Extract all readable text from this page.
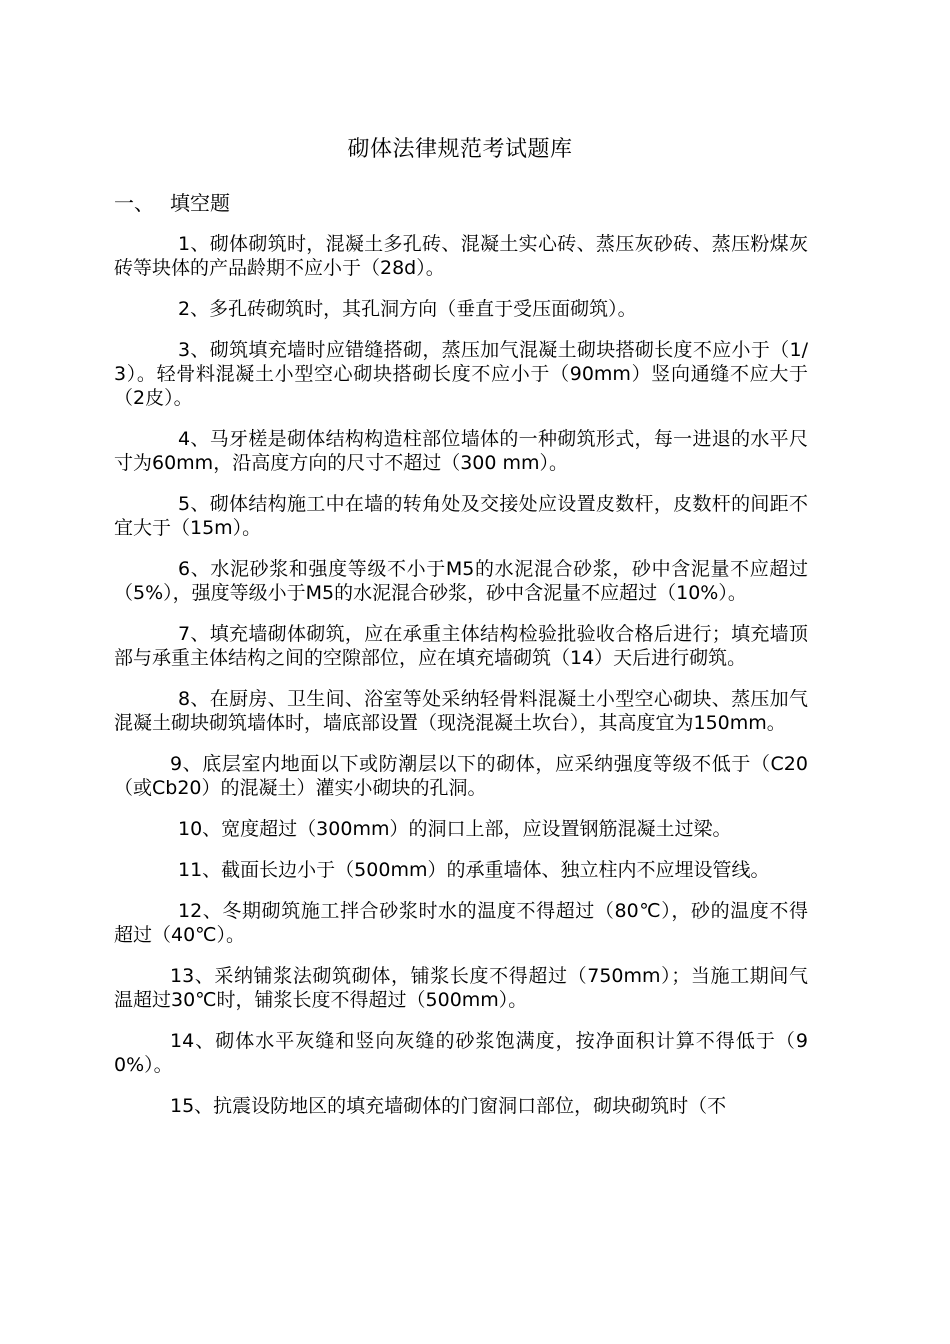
砌体法律规范考试题库
一、 填空题

1、砌体砌筑时，混凝土多孔砖、混凝土实心砖、蒸压灰砂砖、蒸压粉煤灰砖等块体的产品龄期不应小于（28d）。

2、多孔砖砌筑时，其孔洞方向（垂直于受压面砌筑）。

3、砌筑填充墙时应错缝搭砌，蒸压加气混凝土砌块搭砌长度不应小于（1/3）。轻骨料混凝土小型空心砌块搭砌长度不应小于（90mm）竖向通缝不应大于（2皮）。

4、马牙槎是砌体结构构造柱部位墙体的一种砌筑形式，每一进退的水平尺寸为60mm，沿高度方向的尺寸不超过（300 mm）。

5、砌体结构施工中在墙的转角处及交接处应设置皮数杆，皮数杆的间距不宜大于（15m）。

6、水泥砂浆和强度等级不小于M5的水泥混合砂浆，砂中含泥量不应超过（5%），强度等级小于M5的水泥混合砂浆，砂中含泥量不应超过（10%）。

7、填充墙砌体砌筑，应在承重主体结构检验批验收合格后进行；填充墙顶部与承重主体结构之间的空隙部位，应在填充墙砌筑（14）天后进行砌筑。

8、在厨房、卫生间、浴室等处采纳轻骨料混凝土小型空心砌块、蒸压加气混凝土砌块砌筑墙体时，墙底部设置（现浇混凝土坎台），其高度宜为150mm。

9、底层室内地面以下或防潮层以下的砌体，应采纳强度等级不低于（C20（或Cb20）的混凝土）灌实小砌块的孔洞。

10、宽度超过（300mm）的洞口上部，应设置钢筋混凝土过梁。

11、截面长边小于（500mm）的承重墙体、独立柱内不应埋设管线。

12、冬期砌筑施工拌合砂浆时水的温度不得超过（80℃），砂的温度不得超过（40℃）。

13、采纳铺浆法砌筑砌体，铺浆长度不得超过（750mm）；当施工期间气温超过30℃时，铺浆长度不得超过（500mm）。

14、砌体水平灰缝和竖向灰缝的砂浆饱满度，按净面积计算不得低于（90%）。

15、抗震设防地区的填充墙砌体的门窗洞口部位，砌块砌筑时（不
